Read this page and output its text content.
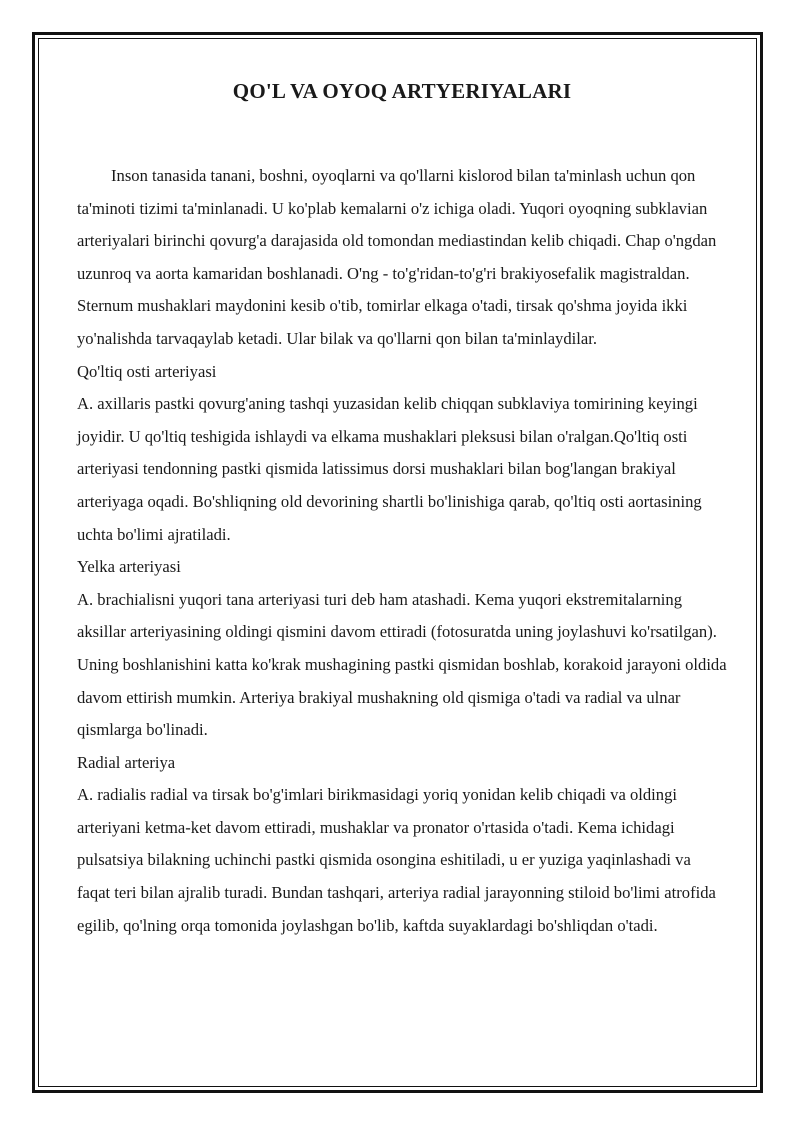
QO'L VA OYOQ ARTYERIYALARI

Inson tanasida tanani, boshni, oyoqlarni va qo'llarni kislorod bilan ta'minlash uchun qon ta'minoti tizimi ta'minlanadi. U ko'plab kemalarni o'z ichiga oladi. Yuqori oyoqning subklavian arteriyalari birinchi qovurg'a darajasida old tomondan mediastindan kelib chiqadi. Chap o'ngdan uzunroq va aorta kamaridan boshlanadi. O'ng - to'g'ridan-to'g'ri brakiyosefalik magistraldan.

Sternum mushaklari maydonini kesib o'tib, tomirlar elkaga o'tadi, tirsak qo'shma joyida ikki yo'nalishda tarvaqaylab ketadi. Ular bilak va qo'llarni qon bilan ta'minlaydilar.

Qo'ltiq osti arteriyasi

A. axillaris pastki qovurg'aning tashqi yuzasidan kelib chiqqan subklaviya tomirining keyingi joyidir. U qo'ltiq teshigida ishlaydi va elkama mushaklari pleksusi bilan o'ralgan.Qo'ltiq osti arteriyasi tendonning pastki qismida latissimus dorsi mushaklari bilan bog'langan brakiyal arteriyaga oqadi. Bo'shliqning old devorining shartli bo'linishiga qarab, qo'ltiq osti aortasining uchta bo'limi ajratiladi.

Yelka arteriyasi

A. brachialisni yuqori tana arteriyasi turi deb ham atashadi. Kema yuqori ekstremitalarning aksillar arteriyasining oldingi qismini davom ettiradi (fotosuratda uning joylashuvi ko'rsatilgan). Uning boshlanishini katta ko'krak mushagining pastki qismidan boshlab, korakoid jarayoni oldida davom ettirish mumkin. Arteriya brakiyal mushakning old qismiga o'tadi va radial va ulnar qismlarga bo'linadi.

Radial arteriya

A. radialis radial va tirsak bo'g'imlari birikmasidagi yoriq yonidan kelib chiqadi va oldingi arteriyani ketma-ket davom ettiradi, mushaklar va pronator o'rtasida o'tadi. Kema ichidagi pulsatsiya bilakning uchinchi pastki qismida osongina eshitiladi, u er yuziga yaqinlashadi va faqat teri bilan ajralib turadi. Bundan tashqari, arteriya radial jarayonning stiloid bo'limi atrofida egilib, qo'lning orqa tomonida joylashgan bo'lib, kaftda suyaklardagi bo'shliqdan o'tadi.
